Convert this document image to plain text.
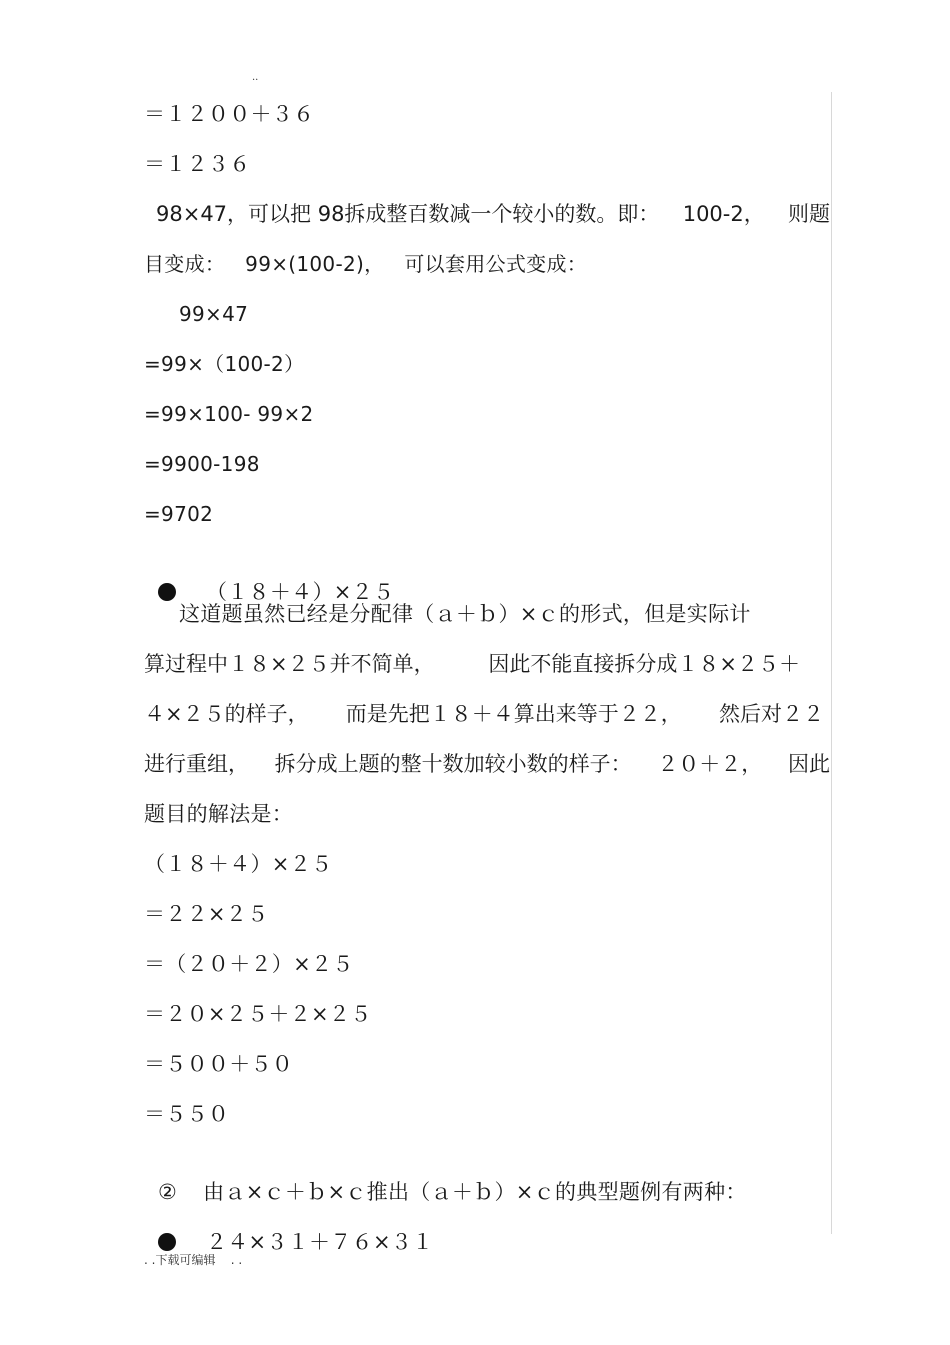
..
＝１２００＋３６
＝１２３６
98×47，可以把 98拆成整百数减一个较小的数。即： 100-2， 则题
目变成：   99×(100-2)，   可以套用公式变成：
99×47
=99×（100-2）
=99×100- 99×2
=9900-198
=9702

（１８＋４）×２５

这道题虽然已经是分配律（ａ＋ｂ）×ｃ的形式，但是实际计
算过程中１８×２５并不简单，	因此不能直接拆分成１８×２５＋
４×２５的样子， 而是先把１８＋４算出来等于２２， 然后对２２
进行重组， 拆分成上题的整十数加较小数的样子： ２０＋２， 因此
题目的解法是：
（１８＋４）×２５
＝２２×２５
＝（２０＋２）×２５
＝２０×２５＋２×２５
＝５００＋５０
＝５５０

② 由ａ×ｃ＋ｂ×ｃ推出（ａ＋ｂ）×ｃ的典型题例有两种：

２４×３１＋７６×３１

. .下载可编辑    . .
